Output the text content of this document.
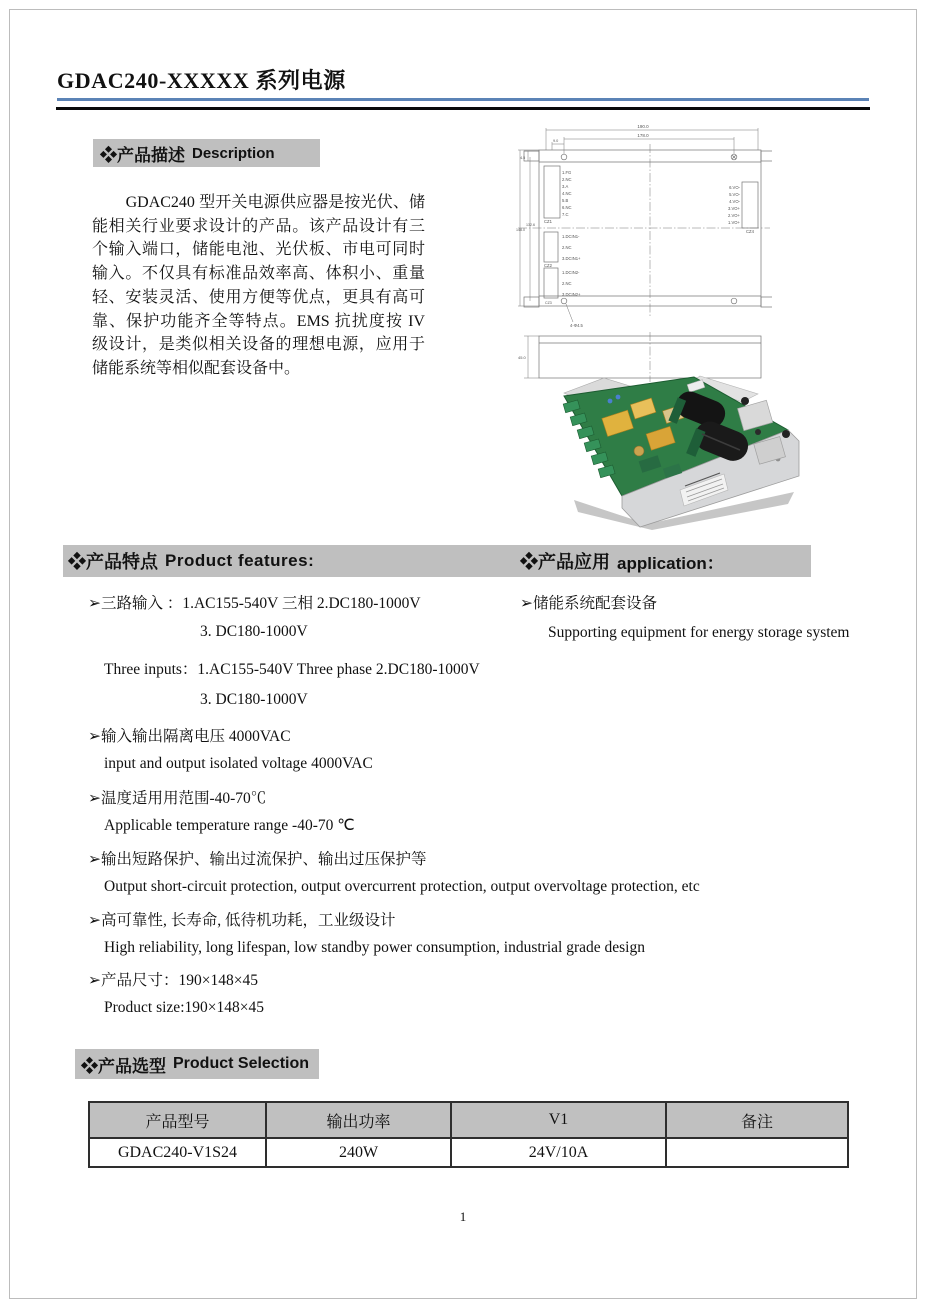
GDAC240-XXXXX 系列电源
❖产品描述 Description
GDAC240 型开关电源供应器是按光伏、储能相关行业要求设计的产品。该产品设计有三个输入端口，储能电池、光伏板、市电可同时输入。不仅具有标准品效率高、体积小、重量轻、安装灵活、使用方便等优点，更具有高可靠、保护功能齐全等特点。EMS 抗扰度按 IV 级设计，是类似相关设备的理想电源，应用于储能系统等相似配套设备中。
190.0
178.0
9.0
4.5
148.0
132.6
4-Φ4.5
45.0
CZ1
1.FG
2.NC
3.A
4.NC
5.B
6.NC
7.C
CZ2
1.DCIN1-
2.NC
3.DCIN1+
CZ3
1.DCIN2-
2.NC
3.DCIN2+
CZ4
6.VO-
5.VO-
4.VO-
3.VO+
2.VO+
1.VO+
❖产品特点 Product features:	❖产品应用 application：
➢三路输入 ：1.AC155-540V 三相 2.DC180-1000V
3. DC180-1000V
Three inputs：1.AC155-540V Three phase 2.DC180-1000V
3. DC180-1000V
➢输入输出隔离电压 4000VAC
input and output isolated voltage 4000VAC
➢温度适用用范围-40-70℃
Applicable temperature range -40-70 ℃
➢输出短路保护、输出过流保护、输出过压保护等
Output short-circuit protection, output overcurrent protection, output overvoltage protection, etc
➢高可靠性, 长寿命, 低待机功耗，工业级设计
High reliability, long lifespan, low standby power consumption, industrial grade design
➢产品尺寸：190×148×45
Product size:190×148×45
➢储能系统配套设备
Supporting equipment for energy storage system
❖产品选型 Product Selection
产品型号	输出功率	V1	备注
GDAC240-V1S24	240W	24V/10A	
1
